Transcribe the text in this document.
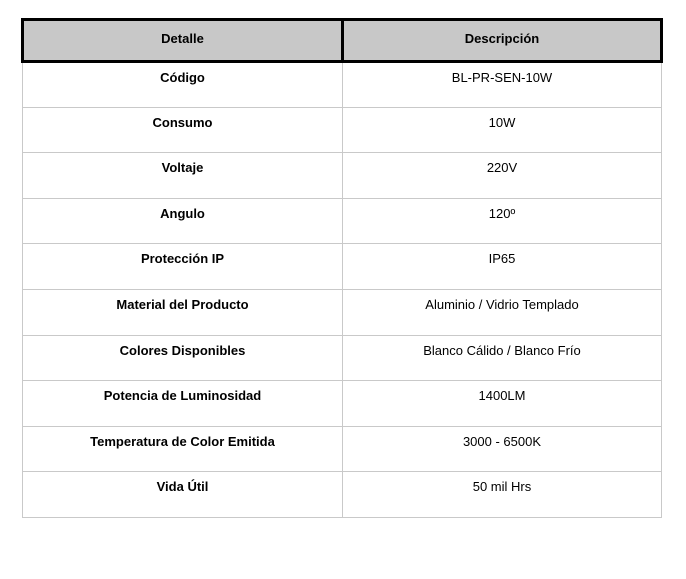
Detalle	Descripción
Código	BL-PR-SEN-10W
Consumo	10W
Voltaje	220V
Angulo	120º
Protección IP	IP65
Material del Producto	Aluminio / Vidrio Templado
Colores Disponibles	Blanco Cálido / Blanco Frío
Potencia de Luminosidad	1400LM
Temperatura de Color Emitida	3000 - 6500K
Vida Útil	50 mil Hrs
